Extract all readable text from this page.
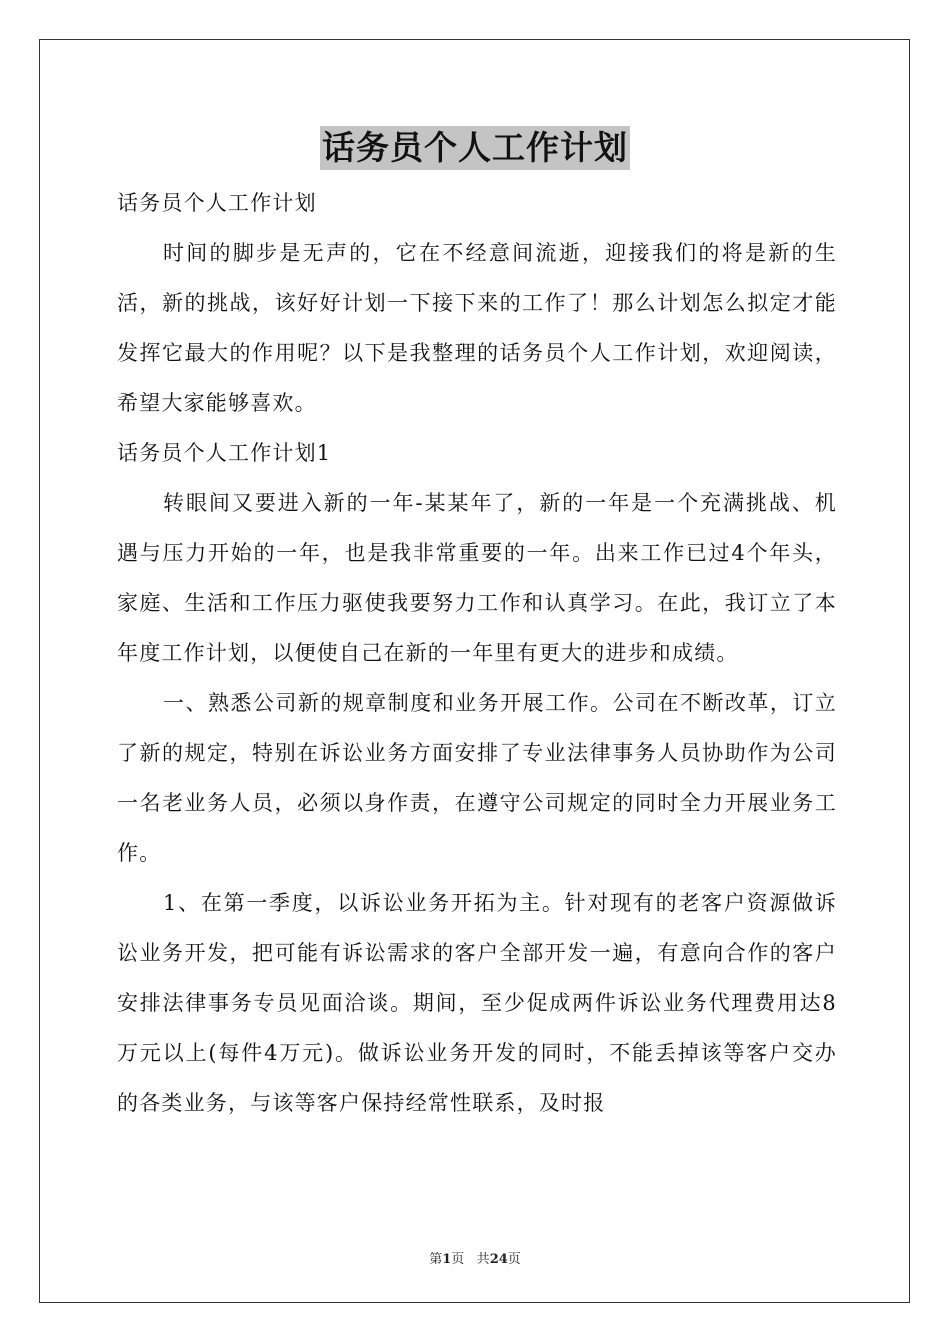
话务员个人工作计划

话务员个人工作计划

时间的脚步是无声的，它在不经意间流逝，迎接我们的将是新的生活，新的挑战，该好好计划一下接下来的工作了！那么计划怎么拟定才能发挥它最大的作用呢？以下是我整理的话务员个人工作计划，欢迎阅读，希望大家能够喜欢。

话务员个人工作计划1

转眼间又要进入新的一年-某某年了，新的一年是一个充满挑战、机遇与压力开始的一年，也是我非常重要的一年。出来工作已过4个年头，家庭、生活和工作压力驱使我要努力工作和认真学习。在此，我订立了本年度工作计划，以便使自己在新的一年里有更大的进步和成绩。

一、熟悉公司新的规章制度和业务开展工作。公司在不断改革，订立了新的规定，特别在诉讼业务方面安排了专业法律事务人员协助作为公司一名老业务人员，必须以身作责，在遵守公司规定的同时全力开展业务工作。

1、在第一季度，以诉讼业务开拓为主。针对现有的老客户资源做诉讼业务开发，把可能有诉讼需求的客户全部开发一遍，有意向合作的客户安排法律事务专员见面洽谈。期间，至少促成两件诉讼业务代理费用达8万元以上(每件4万元)。做诉讼业务开发的同时，不能丢掉该等客户交办的各类业务，与该等客户保持经常性联系，及时报

第1页 共24页
